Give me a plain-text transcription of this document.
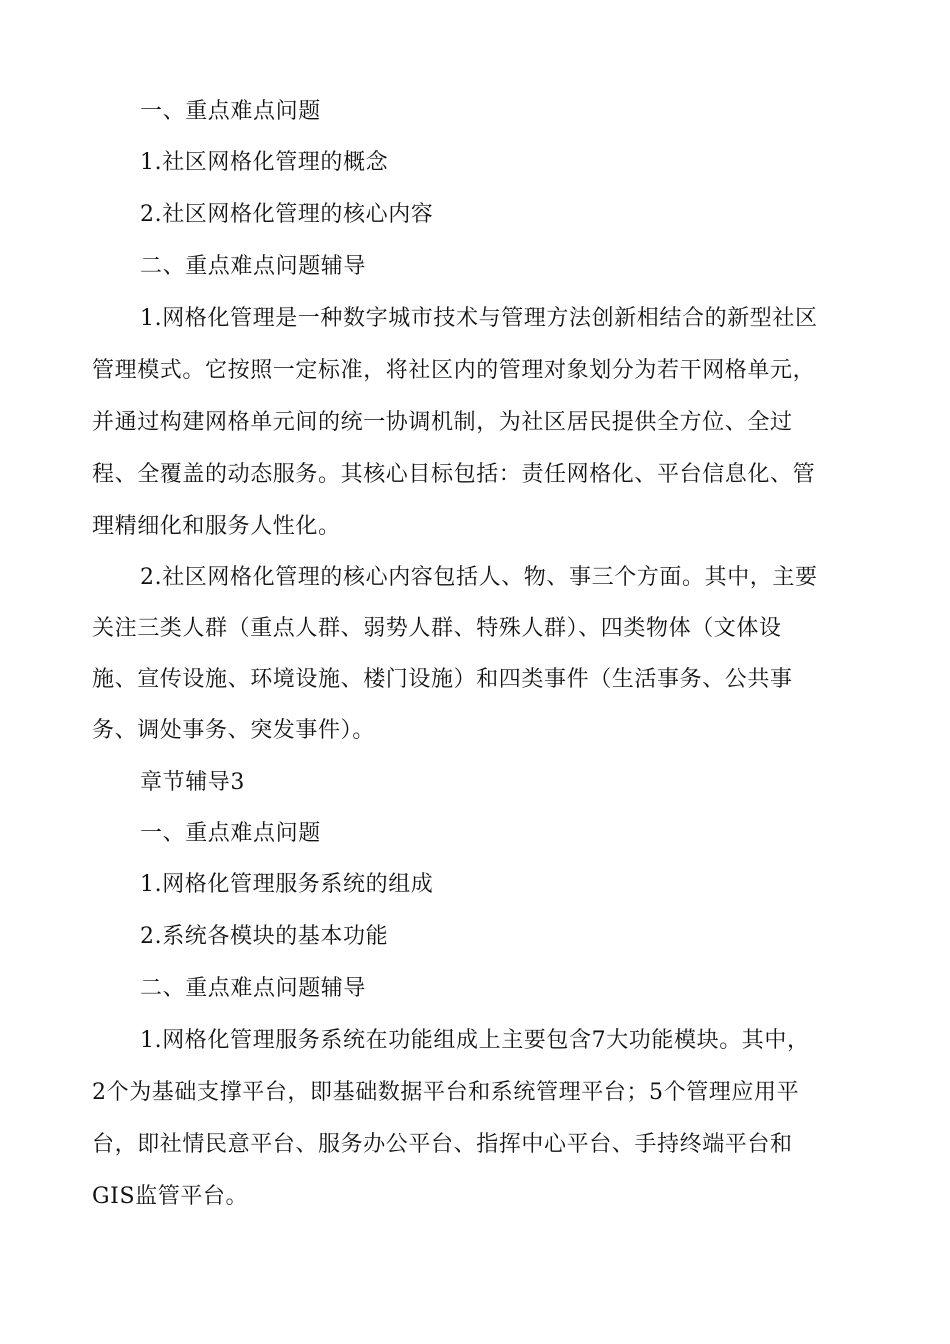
一、重点难点问题
1.社区网格化管理的概念
2.社区网格化管理的核心内容
二、重点难点问题辅导
1.网格化管理是一种数字城市技术与管理方法创新相结合的新型社区
管理模式。它按照一定标准，将社区内的管理对象划分为若干网格单元，
并通过构建网格单元间的统一协调机制，为社区居民提供全方位、全过
程、全覆盖的动态服务。其核心目标包括：责任网格化、平台信息化、管
理精细化和服务人性化。
2.社区网格化管理的核心内容包括人、物、事三个方面。其中，主要
关注三类人群（重点人群、弱势人群、特殊人群）、四类物体（文体设
施、宣传设施、环境设施、楼门设施）和四类事件（生活事务、公共事
务、调处事务、突发事件）。
章节辅导3
一、重点难点问题
1.网格化管理服务系统的组成
2.系统各模块的基本功能
二、重点难点问题辅导
1.网格化管理服务系统在功能组成上主要包含7大功能模块。其中，
2个为基础支撑平台，即基础数据平台和系统管理平台；5个管理应用平
台，即社情民意平台、服务办公平台、指挥中心平台、手持终端平台和
GIS监管平台。
